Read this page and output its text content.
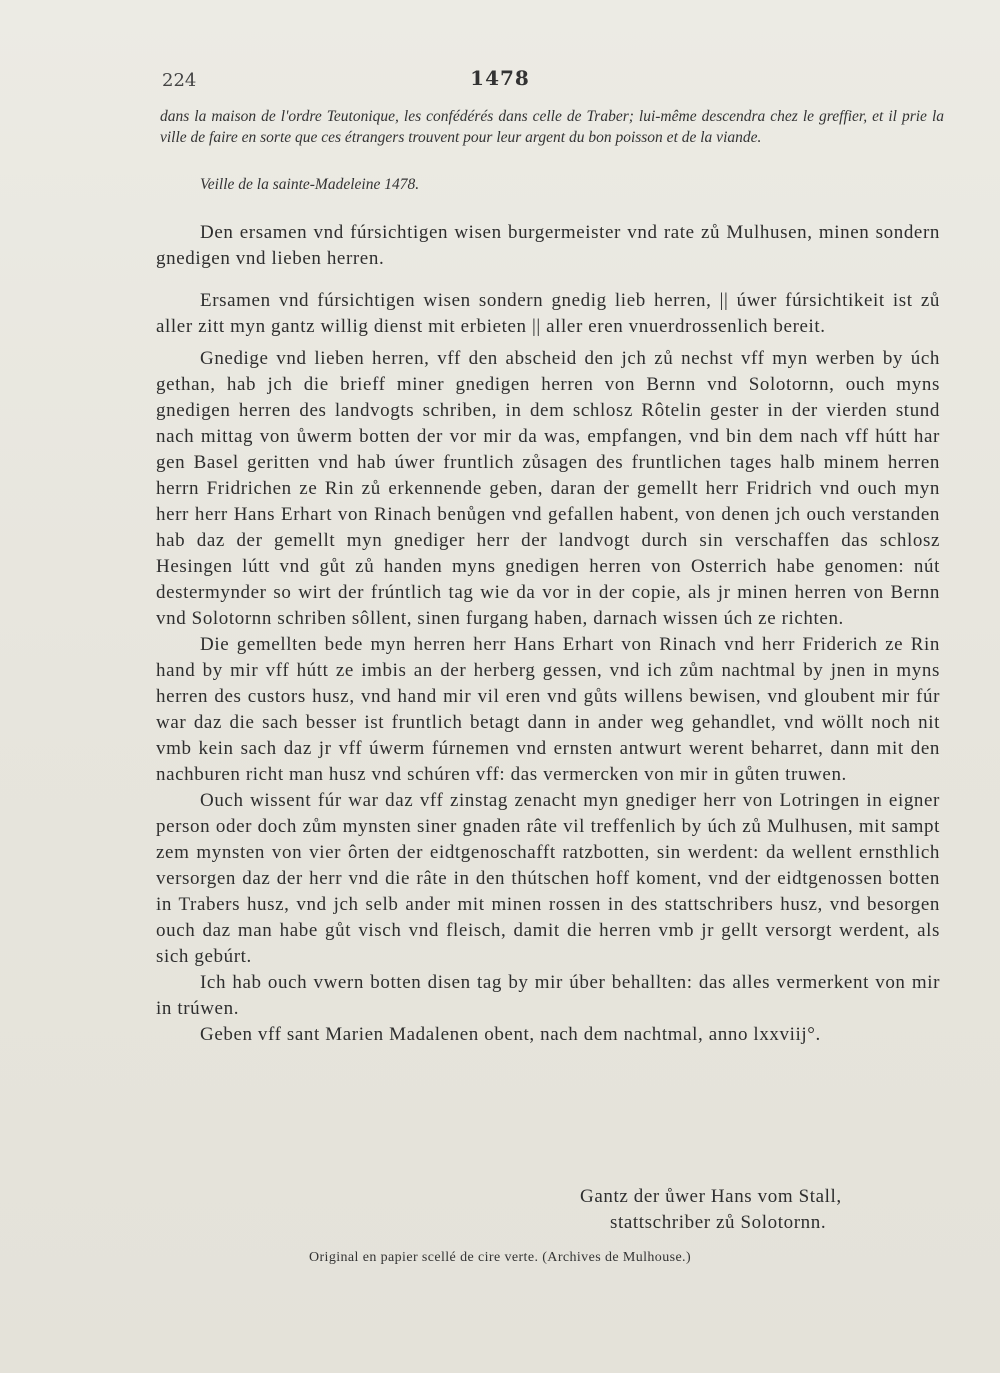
224	1478
dans la maison de l'ordre Teutonique, les confédérés dans celle de Traber; lui-même descendra chez le greffier, et il prie la ville de faire en sorte que ces étrangers trouvent pour leur argent du bon poisson et de la viande.
Veille de la sainte-Madeleine 1478.

Den ersamen vnd fúrsichtigen wisen burgermeister vnd rate zů Mulhusen, minen sondern gnedigen vnd lieben herren.

Ersamen vnd fúrsichtigen wisen sondern gnedig lieb herren, || úwer fúrsichtikeit ist zů aller zitt myn gantz willig dienst mit erbieten || aller eren vnuerdrossenlich bereit.

Gnedige vnd lieben herren, vff den abscheid den jch zů nechst vff myn werben by úch gethan, hab jch die brieff miner gnedigen herren von Bernn vnd Solotornn, ouch myns gnedigen herren des landvogts schriben, in dem schlosz Rôtelin gester in der vierden stund nach mittag von ůwerm botten der vor mir da was, empfangen, vnd bin dem nach vff hútt har gen Basel geritten vnd hab úwer fruntlich zůsagen des fruntlichen tages halb minem herren herrn Fridrichen ze Rin zů erkennende geben, daran der gemellt herr Fridrich vnd ouch myn herr herr Hans Erhart von Rinach benůgen vnd gefallen habent, von denen jch ouch verstanden hab daz der gemellt myn gnediger herr der landvogt durch sin verschaffen das schlosz Hesingen lútt vnd gůt zů handen myns gnedigen herren von Osterrich habe genomen: nút destermynder so wirt der frúntlich tag wie da vor in der copie, als jr minen herren von Bernn vnd Solotornn schriben sôllent, sinen furgang haben, darnach wissen úch ze richten.

Die gemellten bede myn herren herr Hans Erhart von Rinach vnd herr Friderich ze Rin hand by mir vff hútt ze imbis an der herberg gessen, vnd ich zům nachtmal by jnen in myns herren des custors husz, vnd hand mir vil eren vnd gůts willens bewisen, vnd gloubent mir fúr war daz die sach besser ist fruntlich betagt dann in ander weg gehandlet, vnd wöllt noch nit vmb kein sach daz jr vff úwerm fúrnemen vnd ernsten antwurt werent beharret, dann mit den nachburen richt man husz vnd schúren vff: das vermercken von mir in gůten truwen.

Ouch wissent fúr war daz vff zinstag zenacht myn gnediger herr von Lotringen in eigner person oder doch zům mynsten siner gnaden râte vil treffenlich by úch zů Mulhusen, mit sampt zem mynsten von vier ôrten der eidtgenoschafft ratzbotten, sin werdent: da wellent ernsthlich versorgen daz der herr vnd die râte in den thútschen hoff koment, vnd der eidtgenossen botten in Trabers husz, vnd jch selb ander mit minen rossen in des stattschribers husz, vnd besorgen ouch daz man habe gůt visch vnd fleisch, damit die herren vmb jr gellt versorgt werdent, als sich gebúrt.

Ich hab ouch vwern botten disen tag by mir úber behallten: das alles vermerkent von mir in trúwen.

Geben vff sant Marien Madalenen obent, nach dem nachtmal, anno lxxviij°.

Gantz der ůwer Hans vom Stall,
stattschriber zů Solotornn.
Original en papier scellé de cire verte. (Archives de Mulhouse.)
